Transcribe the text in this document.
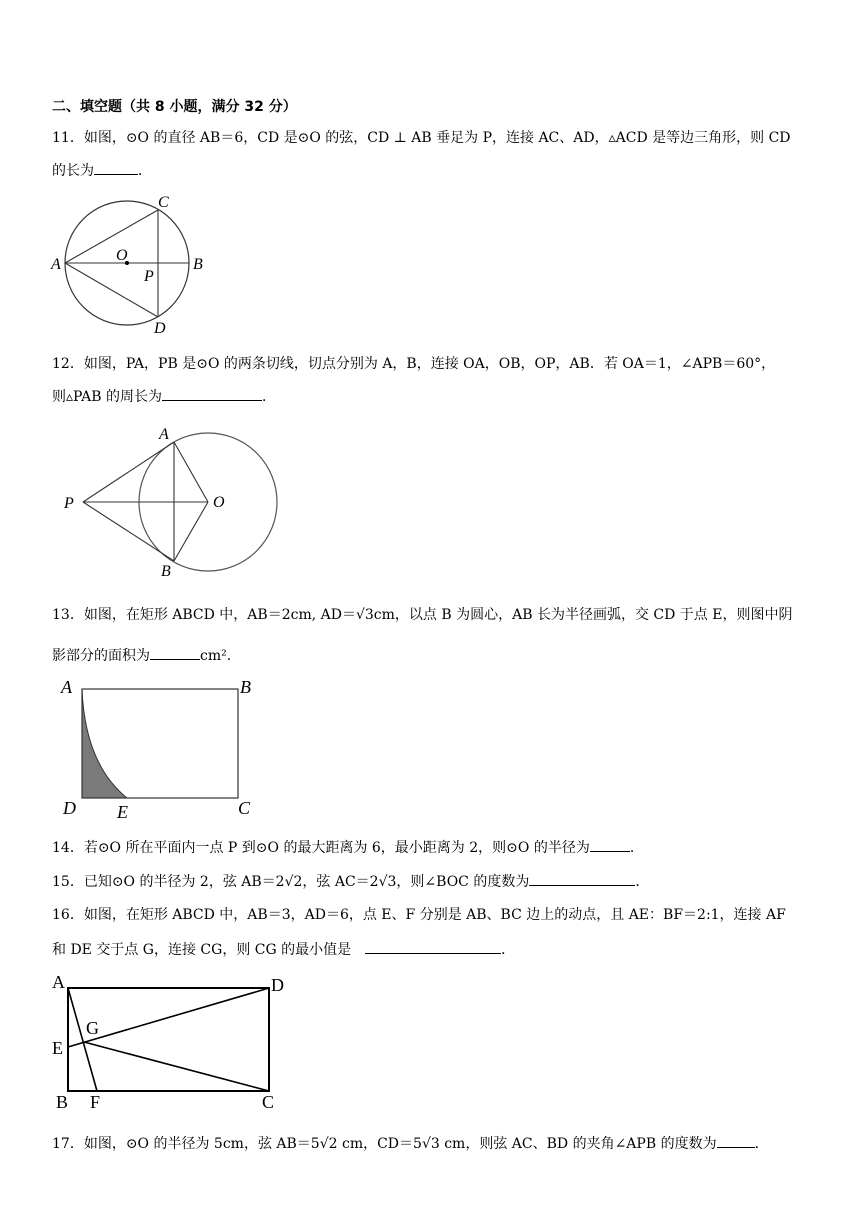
二、填空题（共 8 小题，满分 32 分）
11．如图，⊙O 的直径 AB＝6，CD 是⊙O 的弦，CD ⊥ AB 垂足为 P，连接 AC、AD，▵ACD 是等边三角形，则 CD
的长为	．
A	B
C
D
O
P
12．如图，PA，PB 是⊙O 的两条切线，切点分别为 A，B，连接 OA，OB，OP，AB．若 OA＝1，∠APB＝60°，
则▵PAB 的周长为	．
A
B
P	O
13．如图，在矩形 ABCD 中，AB＝2cm, AD＝√3cm，以点 B 为圆心，AB 长为半径画弧，交 CD 于点 E，则图中阴
影部分的面积为	cm²．
A	B
C
D E
14．若⊙O 所在平面内一点 P 到⊙O 的最大距离为 6，最小距离为 2，则⊙O 的半径为	．
15．已知⊙O 的半径为 2，弦 AB＝2√2，弦 AC＝2√3，则∠BOC 的度数为	．
16．如图，在矩形 ABCD 中，AB＝3，AD＝6，点 E、F 分别是 AB、BC 边上的动点，且 AE：BF＝2:1，连接 AF
和 DE 交于点 G，连接 CG，则 CG 的最小值是　	．
A
B	C
D
E
F
G
17．如图，⊙O 的半径为 5cm，弦 AB＝5√2 cm，CD＝5√3 cm，则弦 AC、BD 的夹角∠APB 的度数为	．
